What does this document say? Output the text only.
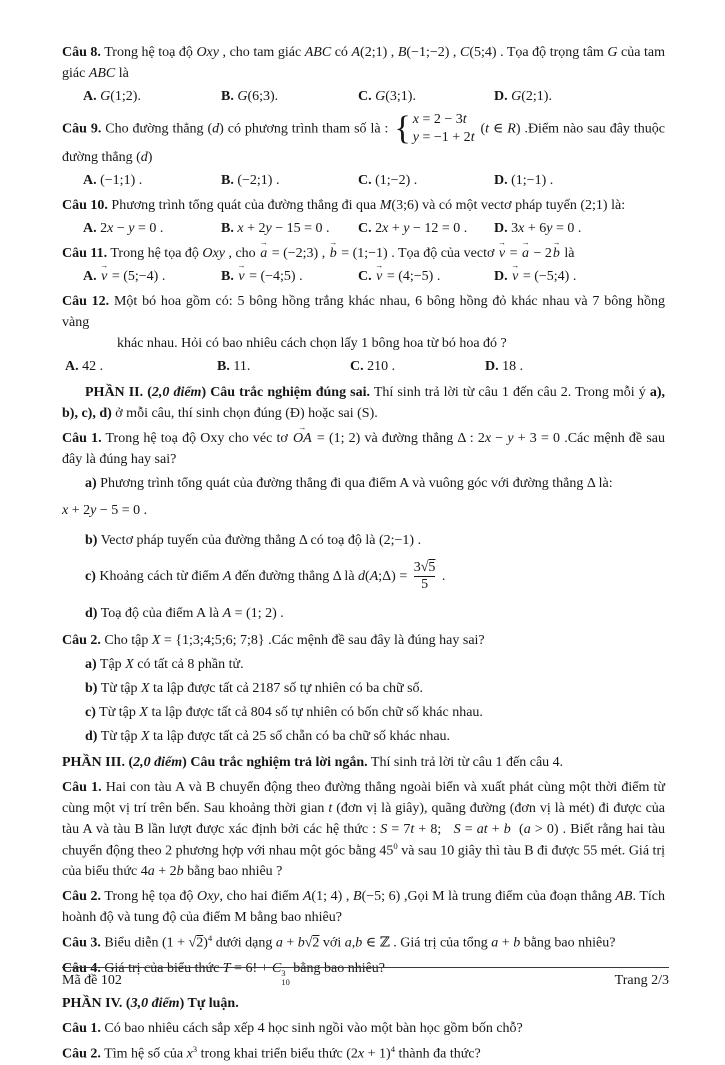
Câu 8. Trong hệ toạ độ Oxy , cho tam giác ABC có A(2;1) , B(−1;−2) , C(5;4) . Tọa độ trọng tâm G của tam giác ABC là
A. G(1;2).	B. G(6;3).	C. G(3;1).	D. G(2;1).
Câu 9. Cho đường thẳng (d) có phương trình tham số là : { x = 2 − 3t
y = −1 + 2t
(t ∈ R) .Điểm nào sau đây thuộc đường thẳng (d)
A. (−1;1) .	B. (−2;1) .	C. (1;−2) .	D. (1;−1) .
Câu 10. Phương trình tổng quát của đường thẳng đi qua M(3;6) và có một vectơ pháp tuyến (2;1) là:
A. 2x − y = 0 .	B. x + 2y − 15 = 0 .	C. 2x + y − 12 = 0 .	D. 3x + 6y = 0 .
Câu 11. Trong hệ tọa độ Oxy , cho a → = (−2;3) , b → = (1;−1) . Tọa độ của vectơ v → = a → − 2b → là
A. v → = (5;−4) .	B. v → = (−4;5) .	C. v → = (4;−5) .	D. v → = (−5;4) .
Câu 12. Một bó hoa gồm có: 5 bông hồng trắng khác nhau, 6 bông hồng đỏ khác nhau và 7 bông hồng vàng
khác nhau. Hỏi có bao nhiêu cách chọn lấy 1 bông hoa từ bó hoa đó ?
A. 42 .	B. 11.	C. 210 .	D. 18 .
PHẦN II. (2,0 điểm) Câu trắc nghiệm đúng sai. Thí sinh trả lời từ câu 1 đến câu 2. Trong mỗi ý a), b), c), d) ở mỗi câu, thí sinh chọn đúng (Đ) hoặc sai (S).
Câu 1. Trong hệ toạ độ Oxy cho véc tơ OA → = (1; 2) và đường thẳng Δ : 2x − y + 3 = 0 .Các mệnh đề sau đây là đúng hay sai?
a) Phương trình tổng quát của đường thẳng đi qua điểm A và vuông góc với đường thẳng Δ là:
x + 2y − 5 = 0 .
b) Vectơ pháp tuyến của đường thẳng Δ có toạ độ là (2;−1) .
c) Khoảng cách từ điểm A đến đường thẳng Δ là d(A;Δ) = $\frac{3√5}{5}$ .
d) Toạ độ của điểm A là A = (1; 2) .
Câu 2. Cho tập X = {1;3;4;5;6; 7;8} .Các mệnh đề sau đây là đúng hay sai?
a) Tập X có tất cả 8 phần tử.
b) Từ tập X ta lập được tất cả 2187 số tự nhiên có ba chữ số.
c) Từ tập X ta lập được tất cả 804 số tự nhiên có bốn chữ số khác nhau.
d) Từ tập X ta lập được tất cả 25 số chẵn có ba chữ số khác nhau.
PHẦN III. (2,0 điểm) Câu trắc nghiệm trả lời ngắn. Thí sinh trả lời từ câu 1 đến câu 4.
Câu 1. Hai con tàu A và B chuyển động theo đường thẳng ngoài biển và xuất phát cùng một thời điểm từ cùng một vị trí trên bến. Sau khoảng thời gian t (đơn vị là giây), quãng đường (đơn vị là mét) đi được của tàu A và tàu B lần lượt được xác định bởi các hệ thức : S = 7t + 8;   S = at + b  (a > 0) . Biết rằng hai tàu chuyển động theo 2 phương hợp với nhau một góc bằng $45^0$ và sau 10 giây thì tàu B đi được 55 mét. Giá trị của biểu thức 4a + 2b bằng bao nhiêu ?
Câu 2. Trong hệ tọa độ Oxy, cho hai điểm A(1; 4) , B(−5; 6) ,Gọi M là trung điểm của đoạn thẳng AB. Tích hoành độ và tung độ của điểm M bằng bao nhiêu?
Câu 3. Biểu diễn $(1 + √2)^4$ dưới dạng a + b√2 với a,b ∈ ℤ . Giá trị của tổng a + b bằng bao nhiêu?
Câu 4. Giá trị của biểu thức T = 6! + C 3
10
bằng bao nhiêu?
PHẦN IV. (3,0 điểm) Tự luận.
Câu 1. Có bao nhiêu cách sắp xếp 4 học sinh ngồi vào một bàn học gồm bốn chỗ?
Câu 2. Tìm hệ số của $x^3$ trong khai triển biểu thức $(2x + 1)^4$ thành đa thức?
Mã đề 102	Trang 2/3
